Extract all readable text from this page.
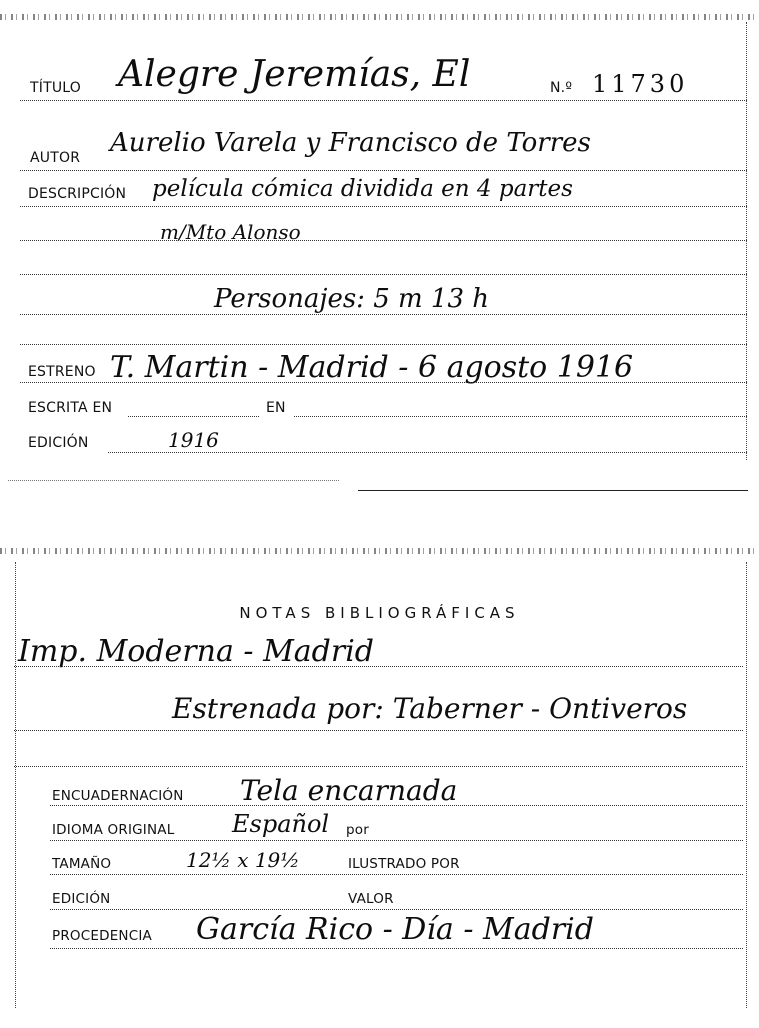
TÍTULO Alegre Jeremías, El	N.º 11730
AUTOR Aurelio Varela y Francisco de Torres
DESCRIPCIÓN película cómica dividida en 4 partes
m/Mto Alonso
Personajes: 5 m 13 h
ESTRENO T. Martin - Madrid - 6 agosto 1916
ESCRITA EN	EN
EDICIÓN	1916
NOTAS BIBLIOGRÁFICAS
Imp. Moderna - Madrid
Estrenada por: Taberner - Ontiveros
ENCUADERNACIÓN Tela encarnada
IDIOMA ORIGINAL Español por
TAMAÑO	12½ x 19½	ILUSTRADO POR
EDICIÓN	VALOR
PROCEDENCIA García Rico - Día - Madrid
